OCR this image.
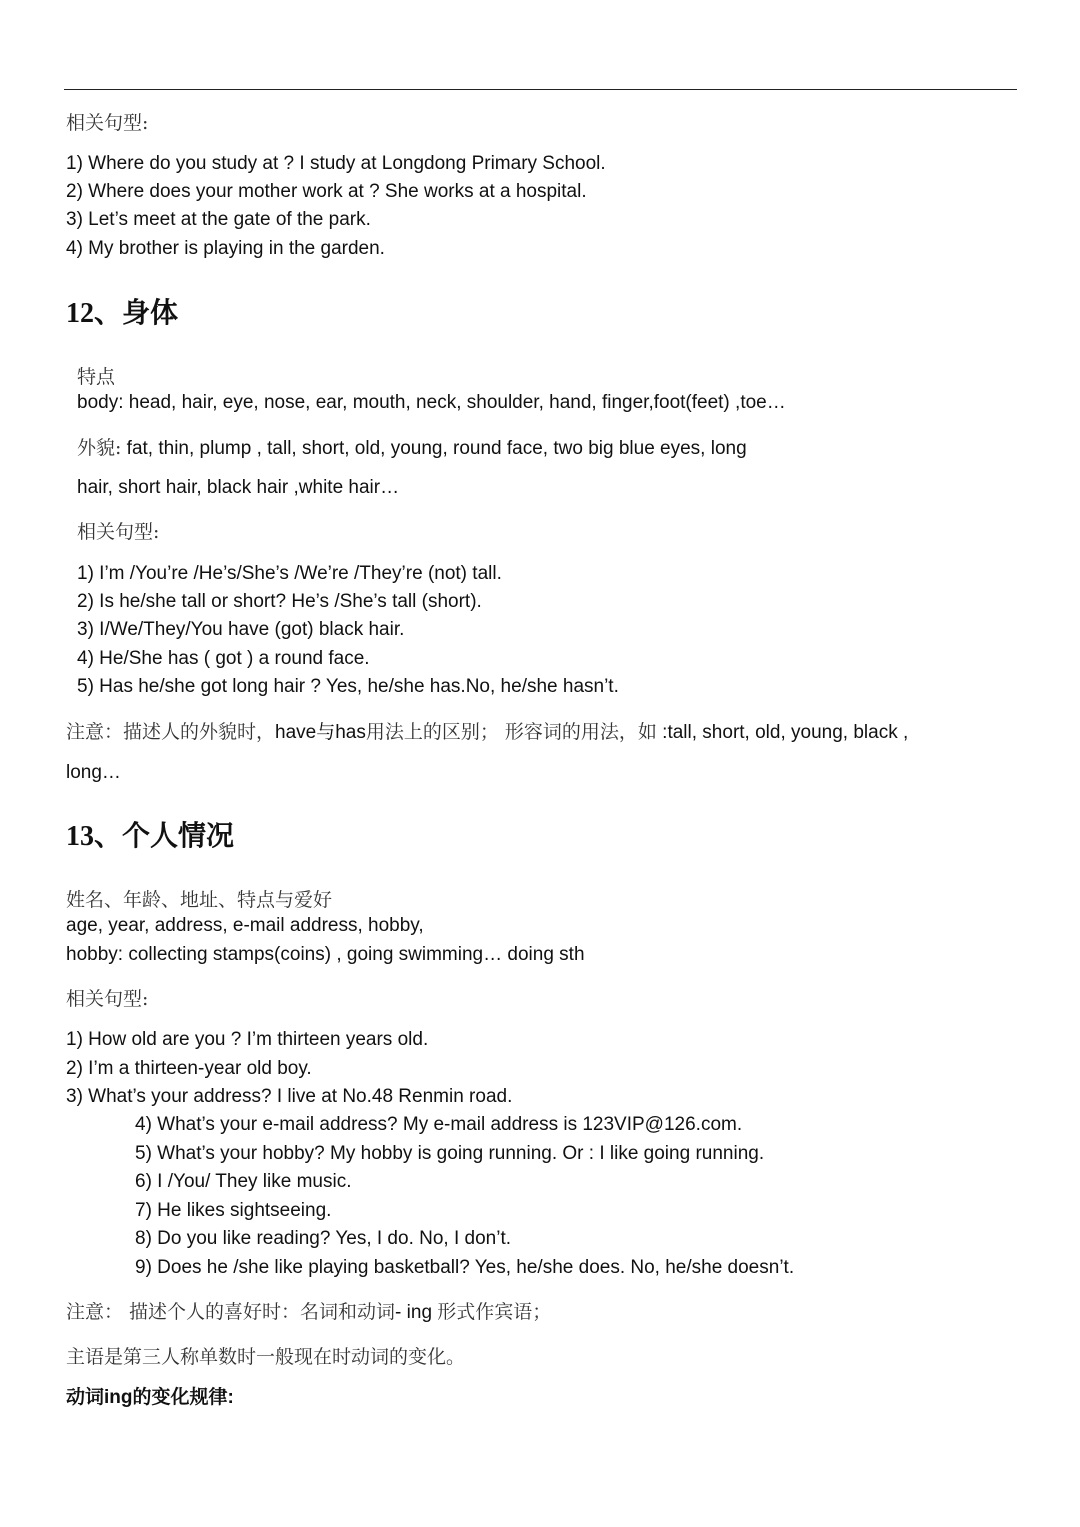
相关句型:
1) Where do you study at ? I study at Longdong Primary School.
2) Where does your mother work at ? She works at a hospital.
3) Let’s meet at the gate of the park.
4) My brother is playing in the garden.
12、身体
特点
body: head, hair, eye, nose, ear, mouth, neck, shoulder, hand, finger,foot(feet) ,toe…
外貌: fat, thin, plump , tall, short, old, young, round face, two big blue eyes, long
hair, short hair, black hair ,white hair…
相关句型:
1) I’m /You’re /He’s/She’s /We’re /They’re (not) tall.
2) Is he/she tall or short? He’s /She’s tall (short).
3) I/We/They/You have (got) black hair.
4) He/She has ( got ) a round face.
5) Has he/she got long hair ? Yes, he/she has.No, he/she hasn’t.
注意：描述人的外貌时，have与has用法上的区别； 形容词的用法，如 :tall, short, old, young, black ,
long…
13、个人情况
姓名、年龄、地址、特点与爱好
age, year, address, e-mail address, hobby,
hobby: collecting stamps(coins) , going swimming… doing sth
相关句型:
1) How old are you ? I’m thirteen years old.
2) I’m a thirteen-year old boy.
3) What’s your address? I live at No.48 Renmin road.
4) What’s your e-mail address? My e-mail address is 123VIP@126.com.
5) What’s your hobby? My hobby is going running. Or : I like going running.
6) I /You/ They like music.
7) He likes sightseeing.
8) Do you like reading? Yes, I do. No, I don’t.
9) Does he /she like playing basketball? Yes, he/she does. No, he/she doesn’t.
注意： 描述个人的喜好时：名词和动词- ing 形式作宾语；
主语是第三人称单数时一般现在时动词的变化。
动词ing的变化规律:
